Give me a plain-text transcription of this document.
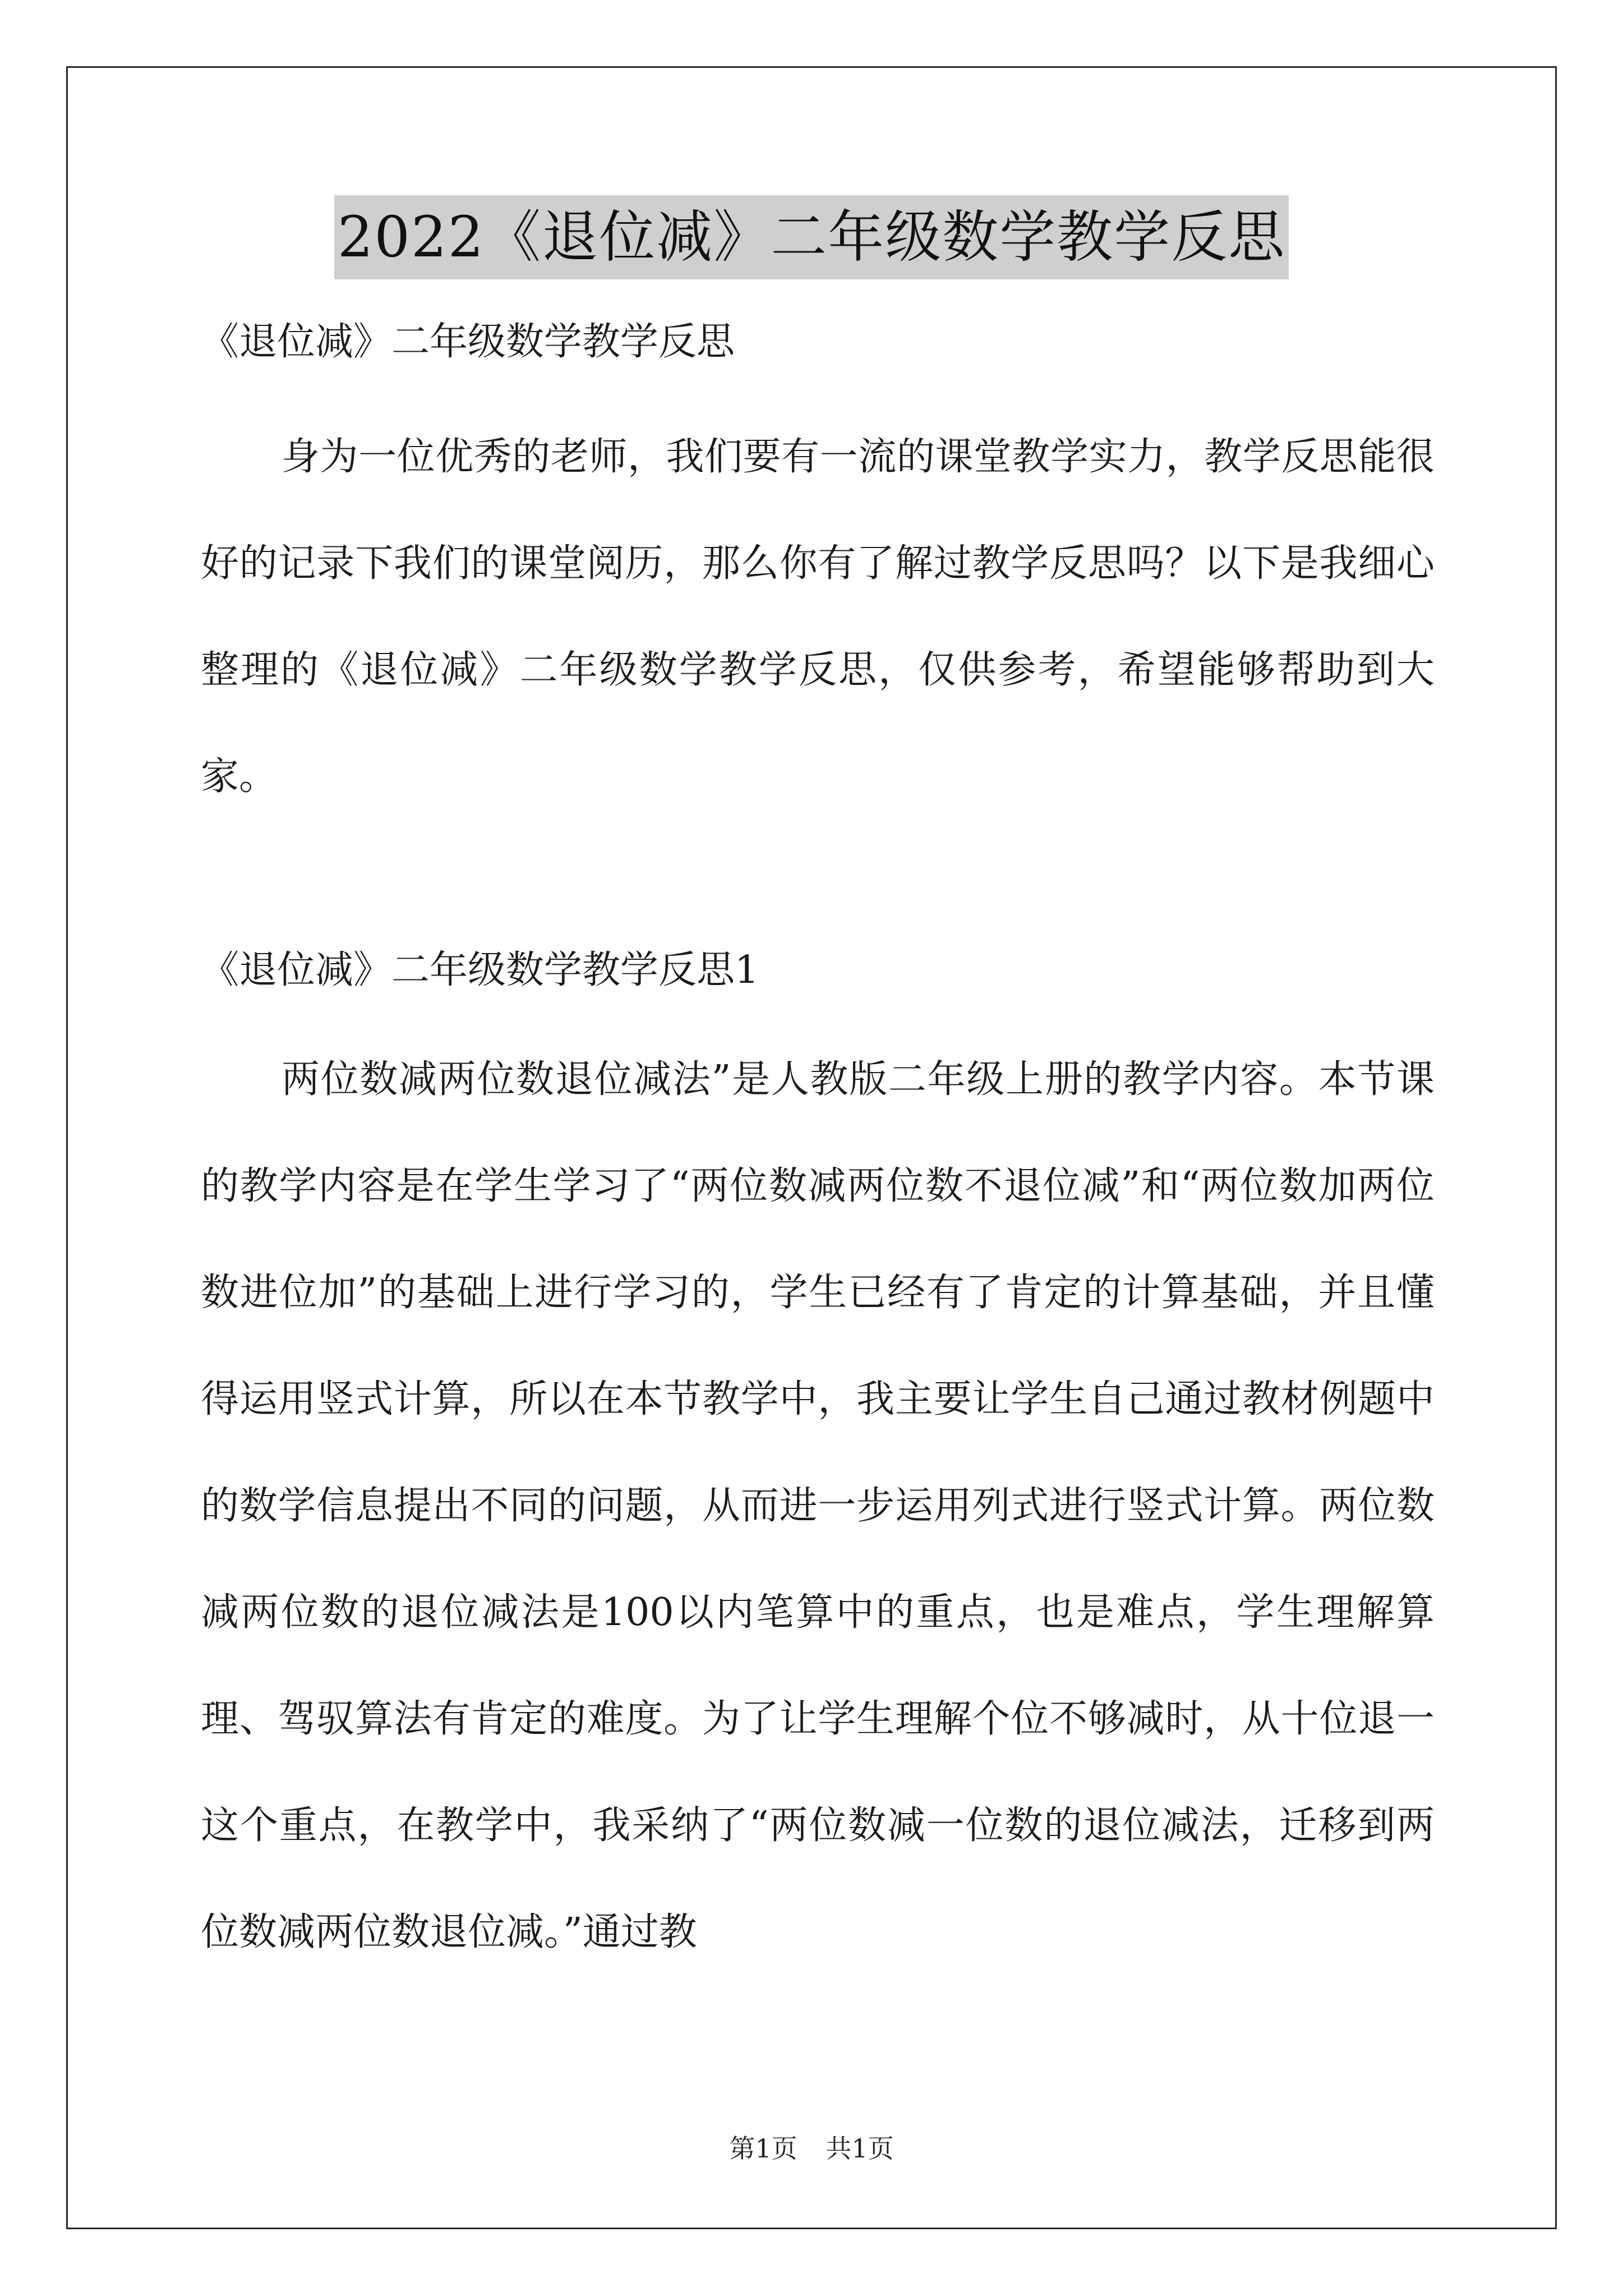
2022《退位减》二年级数学教学反思

《退位减》二年级数学教学反思

身为一位优秀的老师，我们要有一流的课堂教学实力，教学反思能很好的记录下我们的课堂阅历，那么你有了解过教学反思吗？以下是我细心整理的《退位减》二年级数学教学反思，仅供参考，希望能够帮助到大家。

《退位减》二年级数学教学反思1

两位数减两位数退位减法”是人教版二年级上册的教学内容。本节课的教学内容是在学生学习了“两位数减两位数不退位减”和“两位数加两位数进位加”的基础上进行学习的，学生已经有了肯定的计算基础，并且懂得运用竖式计算，所以在本节教学中，我主要让学生自己通过教材例题中的数学信息提出不同的问题，从而进一步运用列式进行竖式计算。两位数减两位数的退位减法是100以内笔算中的重点，也是难点，学生理解算理、驾驭算法有肯定的难度。为了让学生理解个位不够减时，从十位退一这个重点，在教学中，我采纳了“两位数减一位数的退位减法，迁移到两位数减两位数退位减。”通过教

第1页 共1页
